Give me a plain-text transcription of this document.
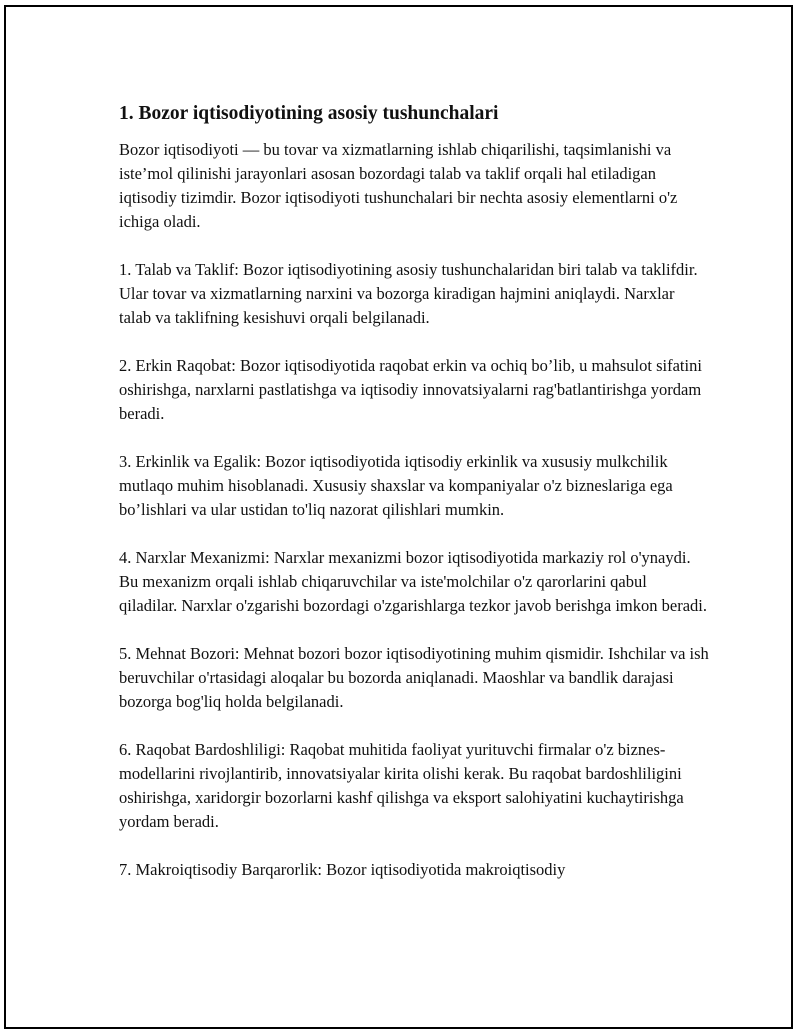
1. Bozor iqtisodiyotining asosiy tushunchalari

Bozor iqtisodiyoti — bu tovar va xizmatlarning ishlab chiqarilishi, taqsimlanishi va iste’mol qilinishi jarayonlari asosan bozordagi talab va taklif orqali hal etiladigan iqtisodiy tizimdir. Bozor iqtisodiyoti tushunchalari bir nechta asosiy elementlarni o'z ichiga oladi.

1. Talab va Taklif: Bozor iqtisodiyotining asosiy tushunchalaridan biri talab va taklifdir. Ular tovar va xizmatlarning narxini va bozorga kiradigan hajmini aniqlaydi. Narxlar talab va taklifning kesishuvi orqali belgilanadi.

2. Erkin Raqobat: Bozor iqtisodiyotida raqobat erkin va ochiq bo’lib, u mahsulot sifatini oshirishga, narxlarni pastlatishga va iqtisodiy innovatsiyalarni rag'batlantirishga yordam beradi.

3. Erkinlik va Egalik: Bozor iqtisodiyotida iqtisodiy erkinlik va xususiy mulkchilik mutlaqo muhim hisoblanadi. Xususiy shaxslar va kompaniyalar o'z bizneslariga ega bo’lishlari va ular ustidan to'liq nazorat qilishlari mumkin.

4. Narxlar Mexanizmi: Narxlar mexanizmi bozor iqtisodiyotida markaziy rol o'ynaydi. Bu mexanizm orqali ishlab chiqaruvchilar va iste'molchilar o'z qarorlarini qabul qiladilar. Narxlar o'zgarishi bozordagi o'zgarishlarga tezkor javob berishga imkon beradi.

5. Mehnat Bozori: Mehnat bozori bozor iqtisodiyotining muhim qismidir. Ishchilar va ish beruvchilar o'rtasidagi aloqalar bu bozorda aniqlanadi. Maoshlar va bandlik darajasi bozorga bog'liq holda belgilanadi.

6. Raqobat Bardoshliligi: Raqobat muhitida faoliyat yurituvchi firmalar o'z biznes-modellarini rivojlantirib, innovatsiyalar kirita olishi kerak. Bu raqobat bardoshliligini oshirishga, xaridorgir bozorlarni kashf qilishga va eksport salohiyatini kuchaytirishga yordam beradi.

7. Makroiqtisodiy Barqarorlik: Bozor iqtisodiyotida makroiqtisodiy
